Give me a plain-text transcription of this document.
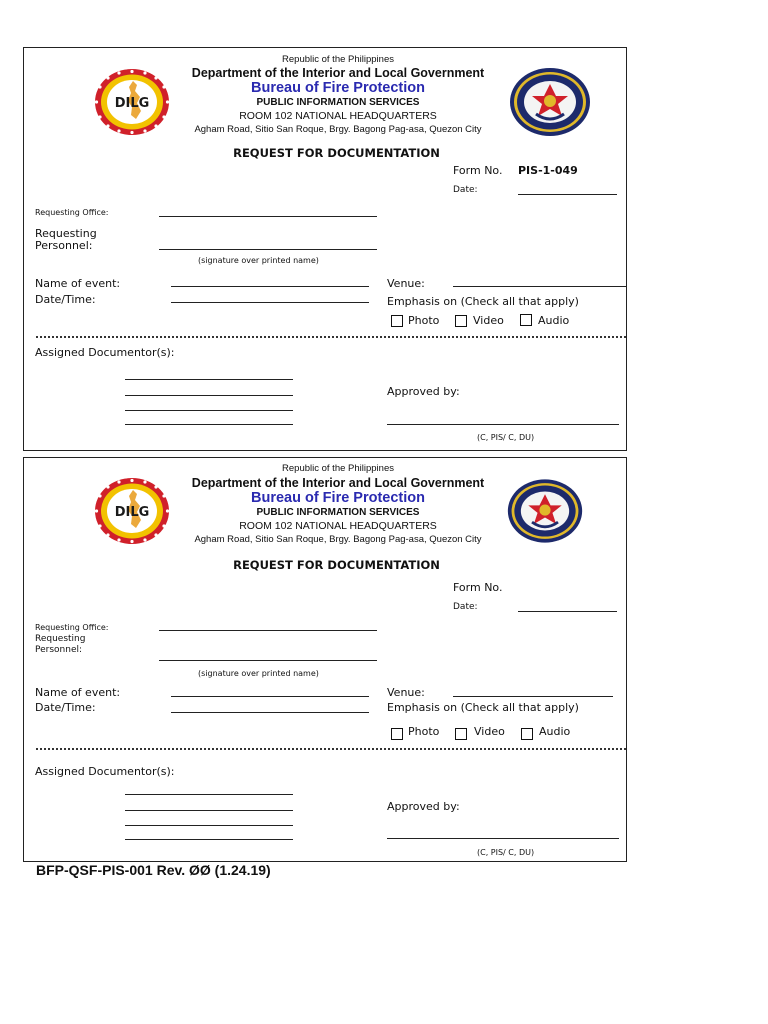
DILG
Republic of the Philippines
Department of the Interior and Local Government
Bureau of Fire Protection
PUBLIC INFORMATION SERVICES
ROOM 102 NATIONAL HEADQUARTERS
Agham Road, Sitio San Roque, Brgy. Bagong Pag-asa, Quezon City
REQUEST FOR DOCUMENTATION
Form No. PIS-1-049
Date:
Requesting Office:
Requesting
Personnel:
(signature over printed name)
Name of event:
Date/Time:
Venue:
Emphasis on (Check all that apply)
Photo	Video	Audio
Assigned Documentor(s):
Approved by:
(C, PIS/ C, DU)
DILG
Republic of the Philippines
Department of the Interior and Local Government
Bureau of Fire Protection
PUBLIC INFORMATION SERVICES
ROOM 102 NATIONAL HEADQUARTERS
Agham Road, Sitio San Roque, Brgy. Bagong Pag-asa, Quezon City
REQUEST FOR DOCUMENTATION
Form No.
Date:
Requesting Office:
Requesting
Personnel:
(signature over printed name)
Name of event:
Date/Time:
Venue:
Emphasis on (Check all that apply)
Photo	Video	Audio
Assigned Documentor(s):
Approved by:
(C, PIS/ C, DU)
BFP-QSF-PIS-001 Rev. ØØ (1.24.19)
